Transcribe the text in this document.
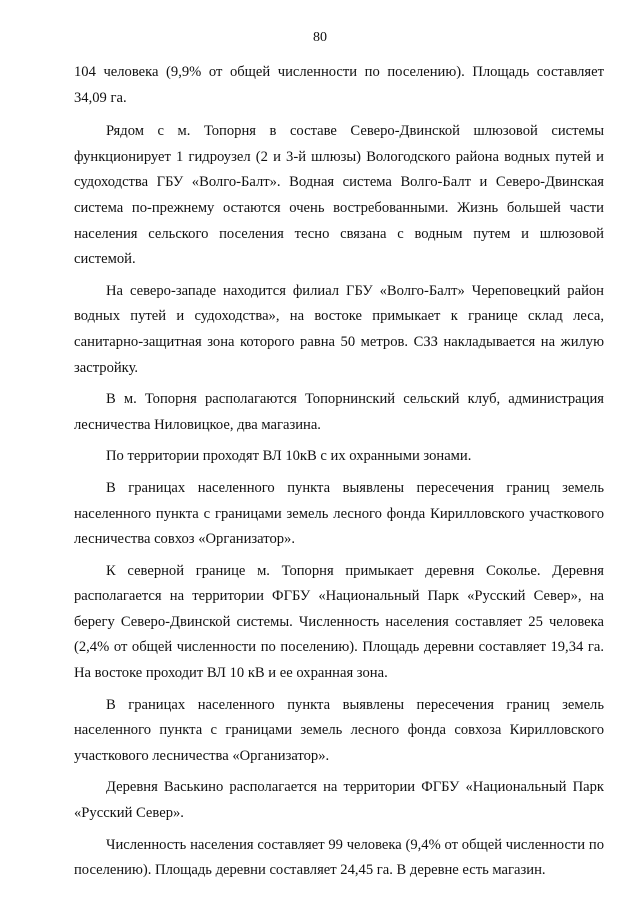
80

104 человека (9,9% от общей численности по поселению). Площадь составляет 34,09 га.

Рядом с м. Топорня в составе Северо-Двинской шлюзовой системы функционирует 1 гидроузел (2 и 3-й шлюзы) Вологодского района водных путей и судоходства ГБУ «Волго-Балт». Водная система Волго-Балт и Северо-Двинская система по-прежнему остаются очень востребованными. Жизнь большей части населения сельского поселения тесно связана с водным путем и шлюзовой системой.

На северо-западе находится филиал ГБУ «Волго-Балт» Череповецкий район водных путей и судоходства», на востоке примыкает к границе склад леса, санитарно-защитная зона которого равна 50 метров. СЗЗ накладывается на жилую застройку.

В м. Топорня располагаются Топорнинский сельский клуб, администрация лесничества Ниловицкое, два магазина.

По территории проходят ВЛ 10кВ с их охранными зонами.

В границах населенного пункта выявлены пересечения границ земель населенного пункта с границами земель лесного фонда Кирилловского участкового лесничества совхоз «Организатор».

К северной границе м. Топорня примыкает деревня Соколье. Деревня располагается на территории ФГБУ «Национальный Парк «Русский Север», на берегу Северо-Двинской системы. Численность населения составляет 25 человека (2,4% от общей численности по поселению). Площадь деревни составляет 19,34 га. На востоке проходит ВЛ 10 кВ и ее охранная зона.

В границах населенного пункта выявлены пересечения границ земель населенного пункта с границами земель лесного фонда совхоза Кирилловского участкового лесничества «Организатор».

Деревня Васькино располагается на территории ФГБУ «Национальный Парк «Русский Север».

Численность населения составляет 99 человека (9,4% от общей численности по поселению). Площадь деревни составляет 24,45 га. В деревне есть магазин.
